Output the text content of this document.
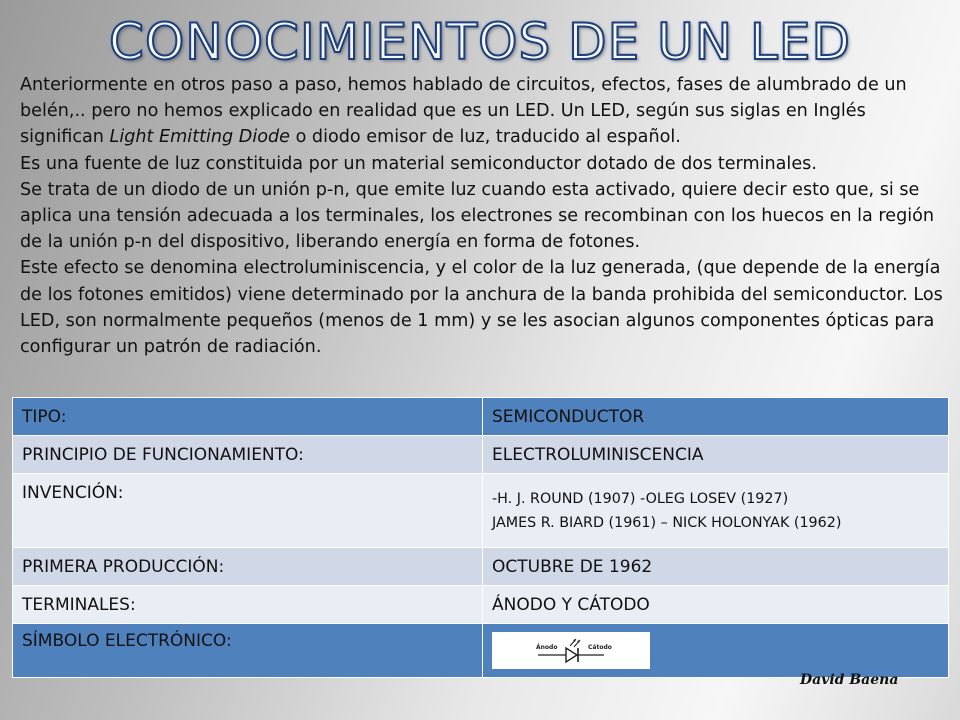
CONOCIMIENTOS DE UN LED

Anteriormente en otros paso a paso, hemos hablado de circuitos, efectos, fases de alumbrado de un belén,.. pero no hemos explicado en realidad que es un LED. Un LED, según sus siglas en Inglés significan Light Emitting Diode o diodo emisor de luz, traducido al español.

Es una fuente de luz constituida por un material semiconductor dotado de dos terminales.

Se trata de un diodo de un unión p-n, que emite luz cuando esta activado, quiere decir esto que, si se aplica una tensión adecuada a los terminales, los electrones se recombinan con los huecos en la región de la unión p-n del dispositivo, liberando energía en forma de fotones.

Este efecto se denomina electroluminiscencia, y el color de la luz generada, (que depende de la energía de los fotones emitidos) viene determinado por la anchura de la banda prohibida del semiconductor. Los LED, son normalmente pequeños (menos de 1 mm) y se les asocian algunos componentes ópticas para configurar un patrón de radiación.

TIPO:	SEMICONDUCTOR
PRINCIPIO DE FUNCIONAMIENTO:	ELECTROLUMINISCENCIA
INVENCIÓN:	-H. J. ROUND (1907) -OLEG LOSEV (1927)
JAMES R. BIARD (1961) – NICK HOLONYAK (1962)

PRIMERA PRODUCCIÓN:	OCTUBRE DE 1962
TERMINALES:	ÁNODO Y CÁTODO
SÍMBOLO ELECTRÓNICO:	Ánodo Cátodo
David Baena
